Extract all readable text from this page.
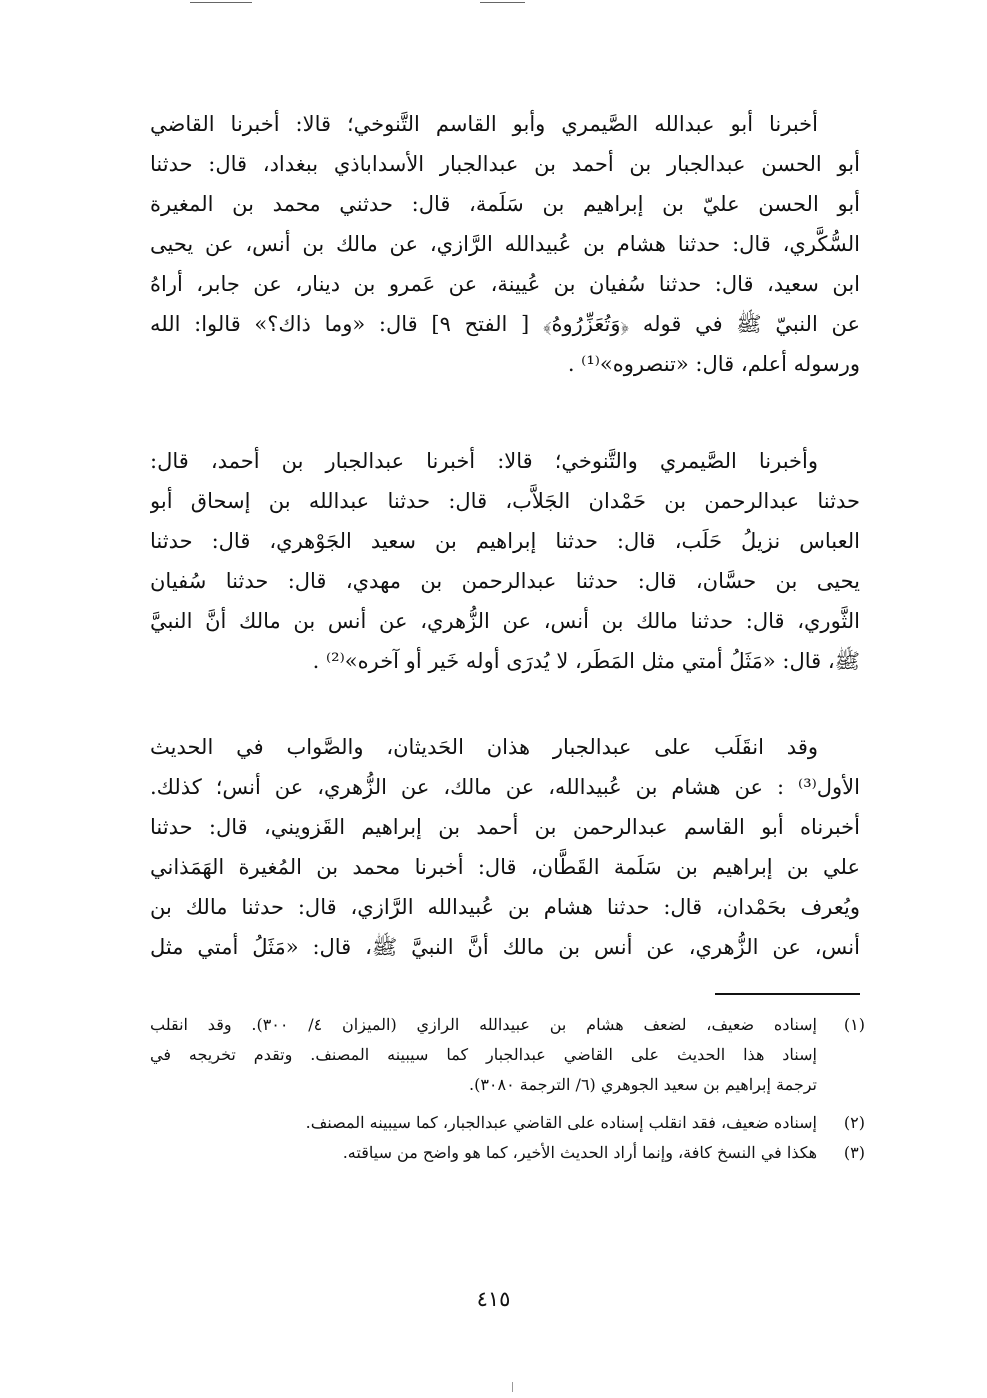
أخبرنا أبو عبدالله الصَّيمري وأبو القاسم التَّنوخي؛ قالا: أخبرنا القاضي
أبو الحسن عبدالجبار بن أحمد بن عبدالجبار الأسداباذي ببغداد، قال: حدثنا
أبو الحسن عليّ بن إبراهيم بن سَلَمة، قال: حدثني محمد بن المغيرة
السُّكَّري، قال: حدثنا هشام بن عُبيدالله الرَّازي، عن مالك بن أنس، عن يحيى
ابن سعيد، قال: حدثنا سُفيان بن عُيينة، عن عَمرو بن دينار، عن جابر، أراهُ
عن النبيّ ﷺ في قوله ﴿وَتُعَزِّرُوهُ﴾ [ الفتح ٩] قال: «وما ذاك؟» قالوا: الله
ورسوله أعلم، قال: «تنصروه»⁽¹⁾ .
وأخبرنا الصَّيمري والتَّنوخي؛ قالا: أخبرنا عبدالجبار بن أحمد، قال:
حدثنا عبدالرحمن بن حَمْدان الجَلاَّب، قال: حدثنا عبدالله بن إسحاق أبو
العباس نزيلُ حَلَب، قال: حدثنا إبراهيم بن سعيد الجَوْهري، قال: حدثنا
يحيى بن حسَّان، قال: حدثنا عبدالرحمن بن مهدي، قال: حدثنا سُفيان
الثَّوري، قال: حدثنا مالك بن أنس، عن الزُّهري، عن أنس بن مالك أنَّ النبيَّ
ﷺ، قال: «مَثَلُ أمتي مثل المَطَر، لا يُدرَى أوله خَير أو آخره»⁽²⁾ .
وقد انقَلَب على عبدالجبار هذان الحَديثان، والصَّواب في الحديث
الأول⁽³⁾ : عن هشام بن عُبيدالله، عن مالك، عن الزُّهري، عن أنس؛ كذلك.
أخبرناه أبو القاسم عبدالرحمن بن أحمد بن إبراهيم القَزويني، قال: حدثنا
علي بن إبراهيم بن سَلَمة القَطَّان، قال: أخبرنا محمد بن المُغيرة الهَمَذاني
ويُعرف بحَمْدان، قال: حدثنا هشام بن عُبيدالله الرَّازي، قال: حدثنا مالك بن
أنس، عن الزُّهري، عن أنس بن مالك أنَّ النبيَّ ﷺ، قال: «مَثَلُ أمتي مثل
(١)
إسناده ضعيف، لضعف هشام بن عبيدالله الرازي (الميزان ٤/ ٣٠٠). وقد انقلب
إسناد هذا الحديث على القاضي عبدالجبار كما سيبينه المصنف. وتقدم تخريجه في
ترجمة إبراهيم بن سعيد الجوهري (٦/ الترجمة ٣٠٨٠).
(٢)
إسناده ضعيف، فقد انقلب إسناده على القاضي عبدالجبار، كما سيبينه المصنف.
(٣)
هكذا في النسخ كافة، وإنما أراد الحديث الأخير، كما هو واضح من سياقته.
٤١٥
